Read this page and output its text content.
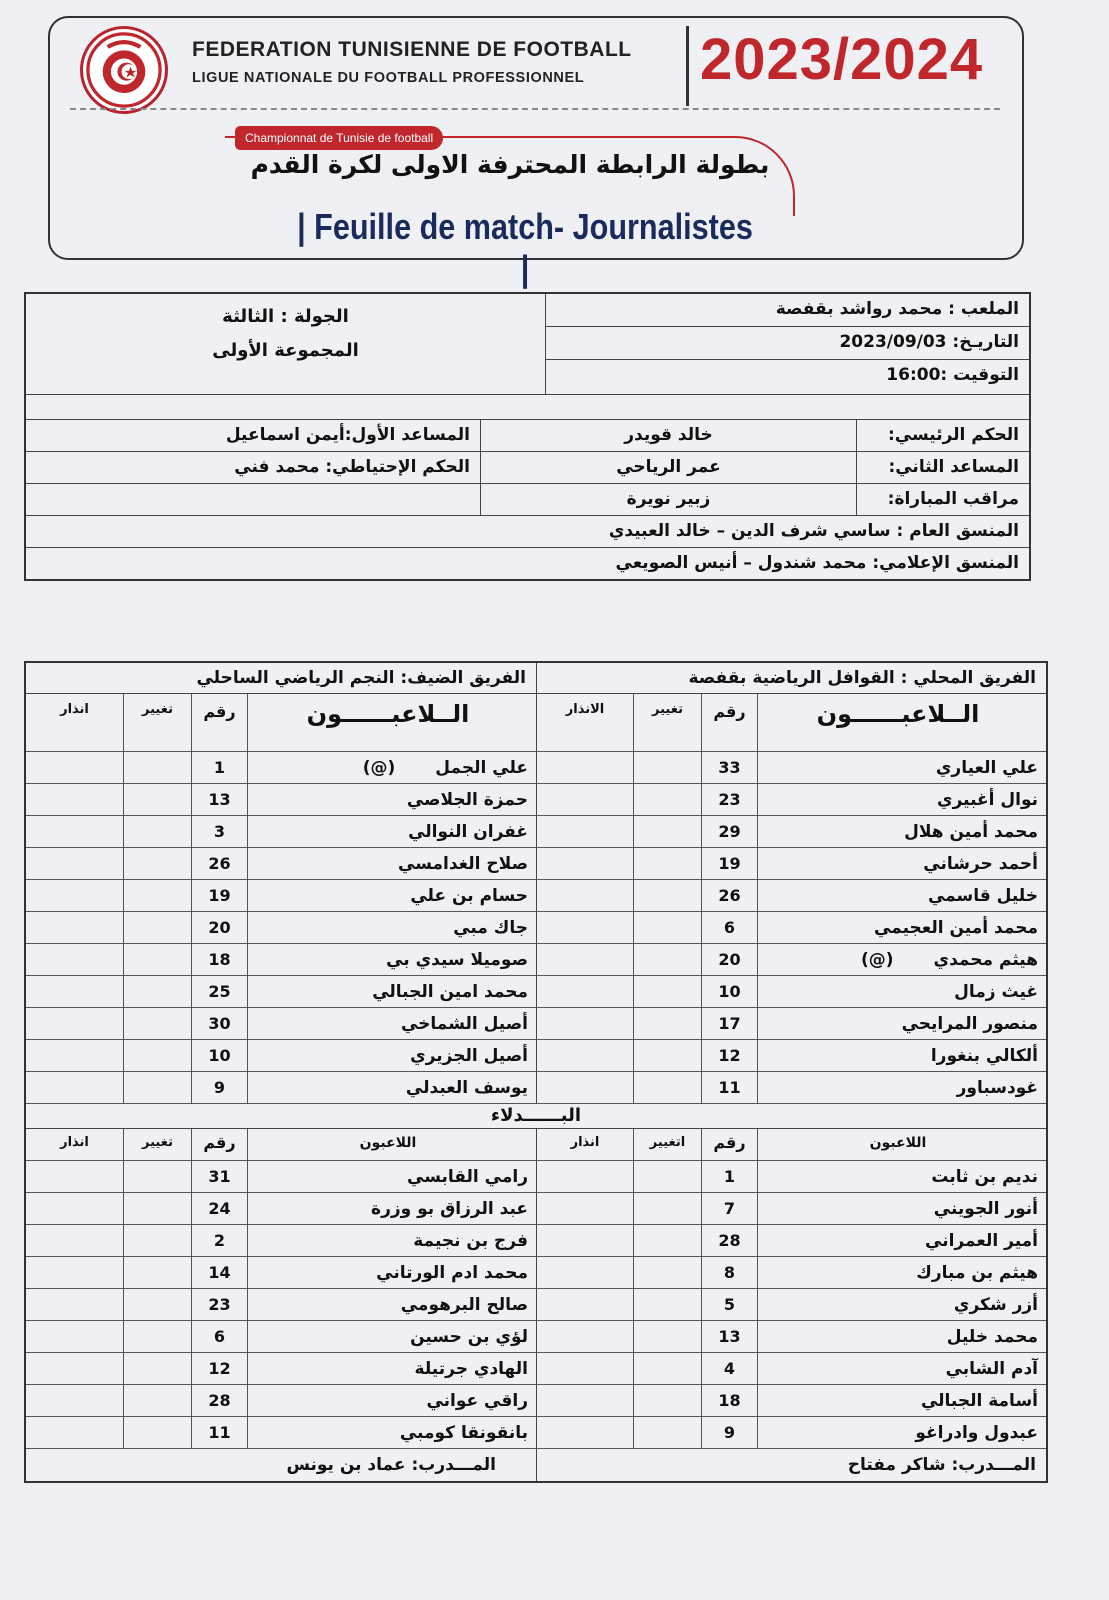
FEDERATION TUNISIENNE DE FOOTBALL
LIGUE NATIONALE DU FOOTBALL PROFESSIONNEL 2023/2024
Championnat de Tunisie de football
بطولة الرابطة المحترفة الاولى لكرة القدم
| Feuille de match- Journalistes |
الملعب : محمد رواشد بقفصة
التاريـخ: 2023/09/03
التوقيت :16:00
الجولة : الثالثة
المجموعة الأولى
الحكم الرئيسي:
خالد قويدر
المساعد الأول:أيمن اسماعيل
المساعد الثاني:
عمر الرياحي
الحكم الإحتياطي: محمد فني
مراقب المباراة:
زبير نويرة
المنسق العام : ساسي شرف الدين – خالد العبيدي
المنسق الإعلامي: محمد شندول – أنيس الصويعي
الفريق المحلي : القوافل الرياضية بقفصة
الفريق الضيف: النجم الرياضي الساحلي
الــلاعبــــــون
رقم
تغيير
الانذار
الــلاعبــــــون
رقم
تغيير
انذار
علي العياري
33
علي الجمل(@)
1
نوال أغبيري
23
حمزة الجلاصي
13
محمد أمين هلال
29
غفران النوالي
3
أحمد حرشاني
19
صلاح الغدامسي
26
خليل قاسمي
26
حسام بن علي
19
محمد أمين العجيمي
6
جاك مبي
20
هيثم محمدي(@)
20
صوميلا سيدي بي
18
غيث زمال
10
محمد امين الجبالي
25
منصور المرايحي
17
أصيل الشماخي
30
ألكالي بنغورا
12
أصيل الجزيري
10
غودسباور
11
يوسف العبدلي
9
البــــــدلاء
اللاعبون
رقم
اتغيير
انذار
اللاعبون
رقم
تغيير
انذار
نديم بن ثابت
1
رامي القابسي
31
أنور الجويني
7
عبد الرزاق بو وزرة
24
أمير العمراني
28
فرج بن نجيمة
2
هيثم بن مبارك
8
محمد ادم الورتاني
14
أزر شكري
5
صالح البرهومي
23
محمد خليل
13
لؤي بن حسين
6
آدم الشابي
4
الهادي جرتيلة
12
أسامة الجبالي
18
راقي عواني
28
عبدول وادراغو
9
بانقونقا كومبي
11
المـــدرب: شاكر مفتاح
المـــدرب: عماد بن يونس
